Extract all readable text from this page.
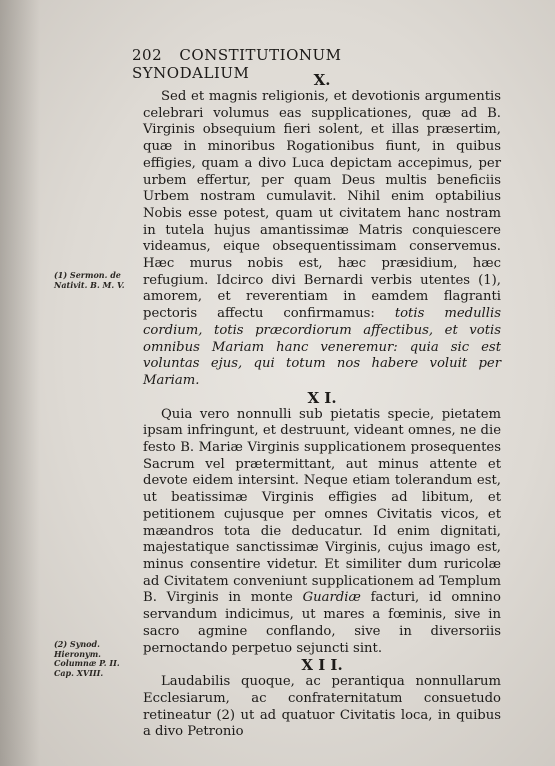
202 CONSTITUTIONUM SYNODALIUM
(1) Sermon. de Nativit. B. M. V.
(2) Synod. Hieronym. Columnæ P. II. Cap. XVIII.
X.

Sed et magnis religionis, et devotionis argumentis celebrari volumus eas supplicationes, quæ ad B. Virginis obsequium fieri solent, et illas præsertim, quæ in minoribus Rogationibus fiunt, in quibus effigies, quam a divo Luca depictam accepimus, per urbem effertur, per quam Deus multis beneficiis Urbem nostram cumulavit. Nihil enim optabilius Nobis esse potest, quam ut civitatem hanc nostram in tutela hujus amantissimæ Matris conquiescere videamus, eique obsequentissimam conservemus. Hæc murus nobis est, hæc præsidium, hæc refugium. Idcirco divi Bernardi verbis utentes (1), amorem, et reverentiam in eamdem flagranti pectoris affectu confirmamus: totis medullis cordium, totis præcordiorum affectibus, et votis omnibus Mariam hanc veneremur: quia sic est voluntas ejus, qui totum nos habere voluit per Mariam.

X I.

Quia vero nonnulli sub pietatis specie, pietatem ipsam infringunt, et destruunt, videant omnes, ne die festo B. Mariæ Virginis supplicationem prosequentes Sacrum vel prætermittant, aut minus attente et devote eidem intersint. Neque etiam tolerandum est, ut beatissimæ Virginis effigies ad libitum, et petitionem cujusque per omnes Civitatis vicos, et mæandros tota die deducatur. Id enim dignitati, majestatique sanctissimæ Virginis, cujus imago est, minus consentire videtur. Et similiter dum ruricolæ ad Civitatem conveniunt supplicationem ad Templum B. Virginis in monte Guardiæ facturi, id omnino servandum indicimus, ut mares a fœminis, sive in sacro agmine conflando, sive in diversoriis pernoctando perpetuo sejuncti sint.

X I I.

Laudabilis quoque, ac perantiqua nonnullarum Ecclesiarum, ac confraternitatum consuetudo retineatur (2) ut ad quatuor Civitatis loca, in quibus a divo Petronio
